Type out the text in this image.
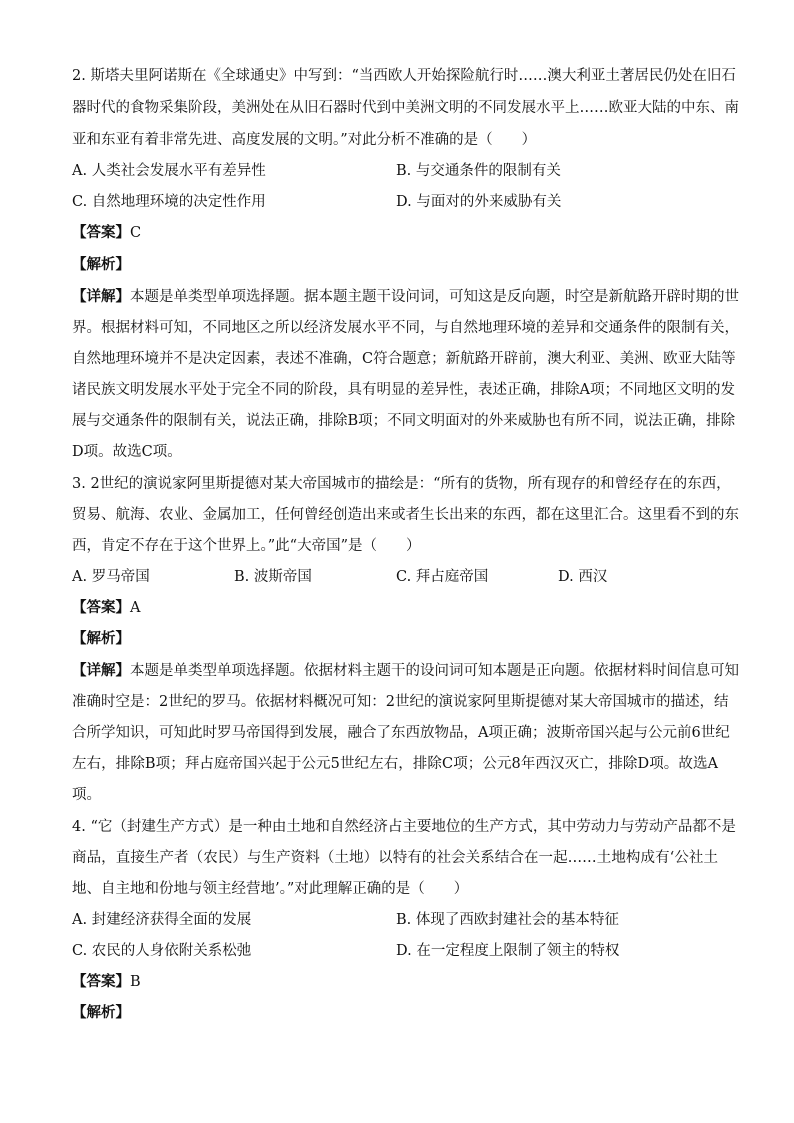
2. 斯塔夫里阿诺斯在《全球通史》中写到：“当西欧人开始探险航行时……澳大利亚土著居民仍处在旧石
器时代的食物采集阶段，美洲处在从旧石器时代到中美洲文明的不同发展水平上……欧亚大陆的中东、南
亚和东亚有着非常先进、高度发展的文明。”对此分析不准确的是（　　）
A. 人类社会发展水平有差异性	B. 与交通条件的限制有关
C. 自然地理环境的决定性作用	D. 与面对的外来威胁有关
【答案】C
【解析】
【详解】本题是单类型单项选择题。据本题主题干设问词，可知这是反向题，时空是新航路开辟时期的世
界。根据材料可知，不同地区之所以经济发展水平不同，与自然地理环境的差异和交通条件的限制有关，
自然地理环境并不是决定因素，表述不准确，C符合题意；新航路开辟前，澳大利亚、美洲、欧亚大陆等
诸民族文明发展水平处于完全不同的阶段，具有明显的差异性，表述正确，排除A项；不同地区文明的发
展与交通条件的限制有关，说法正确，排除B项；不同文明面对的外来威胁也有所不同，说法正确，排除
D项。故选C项。
3. 2世纪的演说家阿里斯提德对某大帝国城市的描绘是：“所有的货物，所有现存的和曾经存在的东西，
贸易、航海、农业、金属加工，任何曾经创造出来或者生长出来的东西，都在这里汇合。这里看不到的东
西，肯定不存在于这个世界上。”此“大帝国”是（　　）
A. 罗马帝国	B. 波斯帝国	C. 拜占庭帝国	D. 西汉
【答案】A
【解析】
【详解】本题是单类型单项选择题。依据材料主题干的设问词可知本题是正向题。依据材料时间信息可知
准确时空是：2世纪的罗马。依据材料概况可知：2世纪的演说家阿里斯提德对某大帝国城市的描述，结
合所学知识，可知此时罗马帝国得到发展，融合了东西放物品，A项正确；波斯帝国兴起与公元前6世纪
左右，排除B项；拜占庭帝国兴起于公元5世纪左右，排除C项；公元8年西汉灭亡，排除D项。故选A
项。
4. “它（封建生产方式）是一种由土地和自然经济占主要地位的生产方式，其中劳动力与劳动产品都不是
商品，直接生产者（农民）与生产资料（土地）以特有的社会关系结合在一起……土地构成有‘公社土
地、自主地和份地与领主经营地’。”对此理解正确的是（　　）
A. 封建经济获得全面的发展	B. 体现了西欧封建社会的基本特征
C. 农民的人身依附关系松弛	D. 在一定程度上限制了领主的特权
【答案】B
【解析】
